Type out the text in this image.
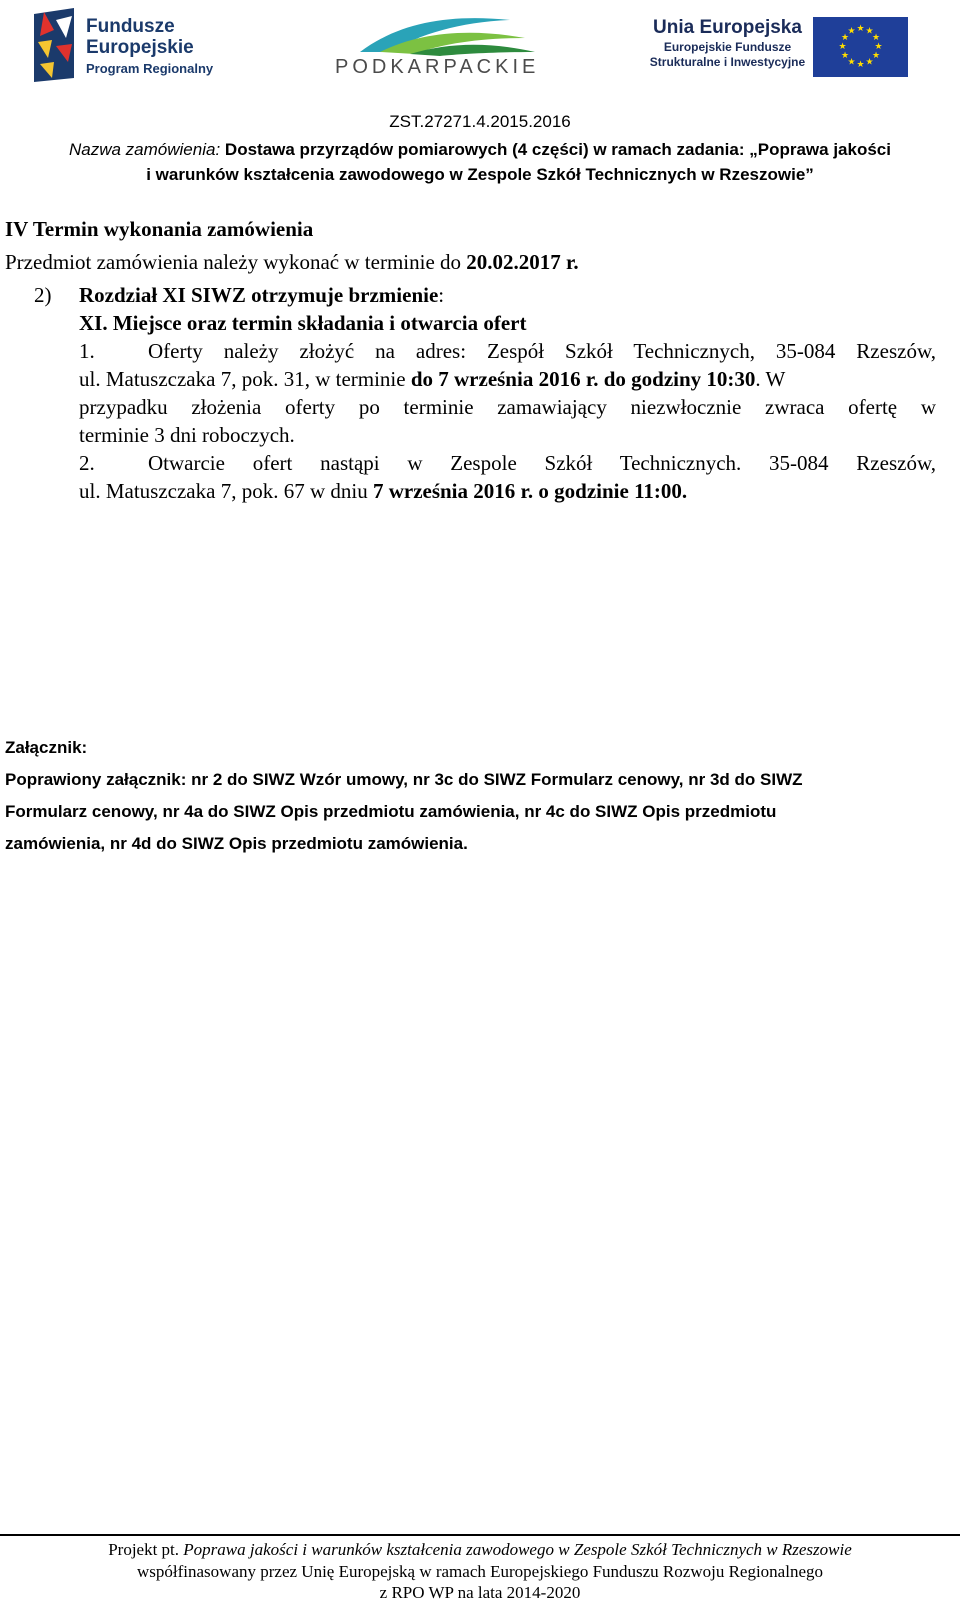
Fundusze
Europejskie
Program Regionalny	PODKARPACKIE
Unia Europejska
Europejskie Fundusze
Strukturalne i Inwestycyjne
★ ★
★
★
★
★
★
★
★
★
★
★
ZST.27271.4.2015.2016
Nazwa zamówienia: Dostawa przyrządów pomiarowych (4 części) w ramach zadania: „Poprawa jakości
i warunków kształcenia zawodowego w Zespole Szkół Technicznych w Rzeszowie”
IV Termin wykonania zamówienia
Przedmiot zamówienia należy wykonać w terminie do 20.02.2017 r.
2) Rozdział XI SIWZ otrzymuje brzmienie:
XI. Miejsce oraz termin składania i otwarcia ofert
1.	Oferty należy złożyć na adres: Zespół Szkół Technicznych, 35-084 Rzeszów,
ul. Matuszczaka 7, pok. 31, w terminie do 7 września 2016 r. do godziny 10:30. W
przypadku złożenia oferty po terminie zamawiający niezwłocznie zwraca ofertę w
terminie 3 dni roboczych.
2.	Otwarcie ofert nastąpi w Zespole Szkół Technicznych. 35-084 Rzeszów,
ul. Matuszczaka 7, pok. 67 w dniu 7 września 2016 r. o godzinie 11:00.
Załącznik:
Poprawiony załącznik: nr 2 do SIWZ Wzór umowy, nr 3c do SIWZ Formularz cenowy, nr 3d do SIWZ
Formularz cenowy, nr 4a do SIWZ Opis przedmiotu zamówienia, nr 4c do SIWZ Opis przedmiotu
zamówienia, nr 4d do SIWZ Opis przedmiotu zamówienia.
Projekt pt. Poprawa jakości i warunków kształcenia zawodowego w Zespole Szkół Technicznych w Rzeszowie
współfinasowany przez Unię Europejską w ramach Europejskiego Funduszu Rozwoju Regionalnego
z RPO WP na lata 2014-2020
